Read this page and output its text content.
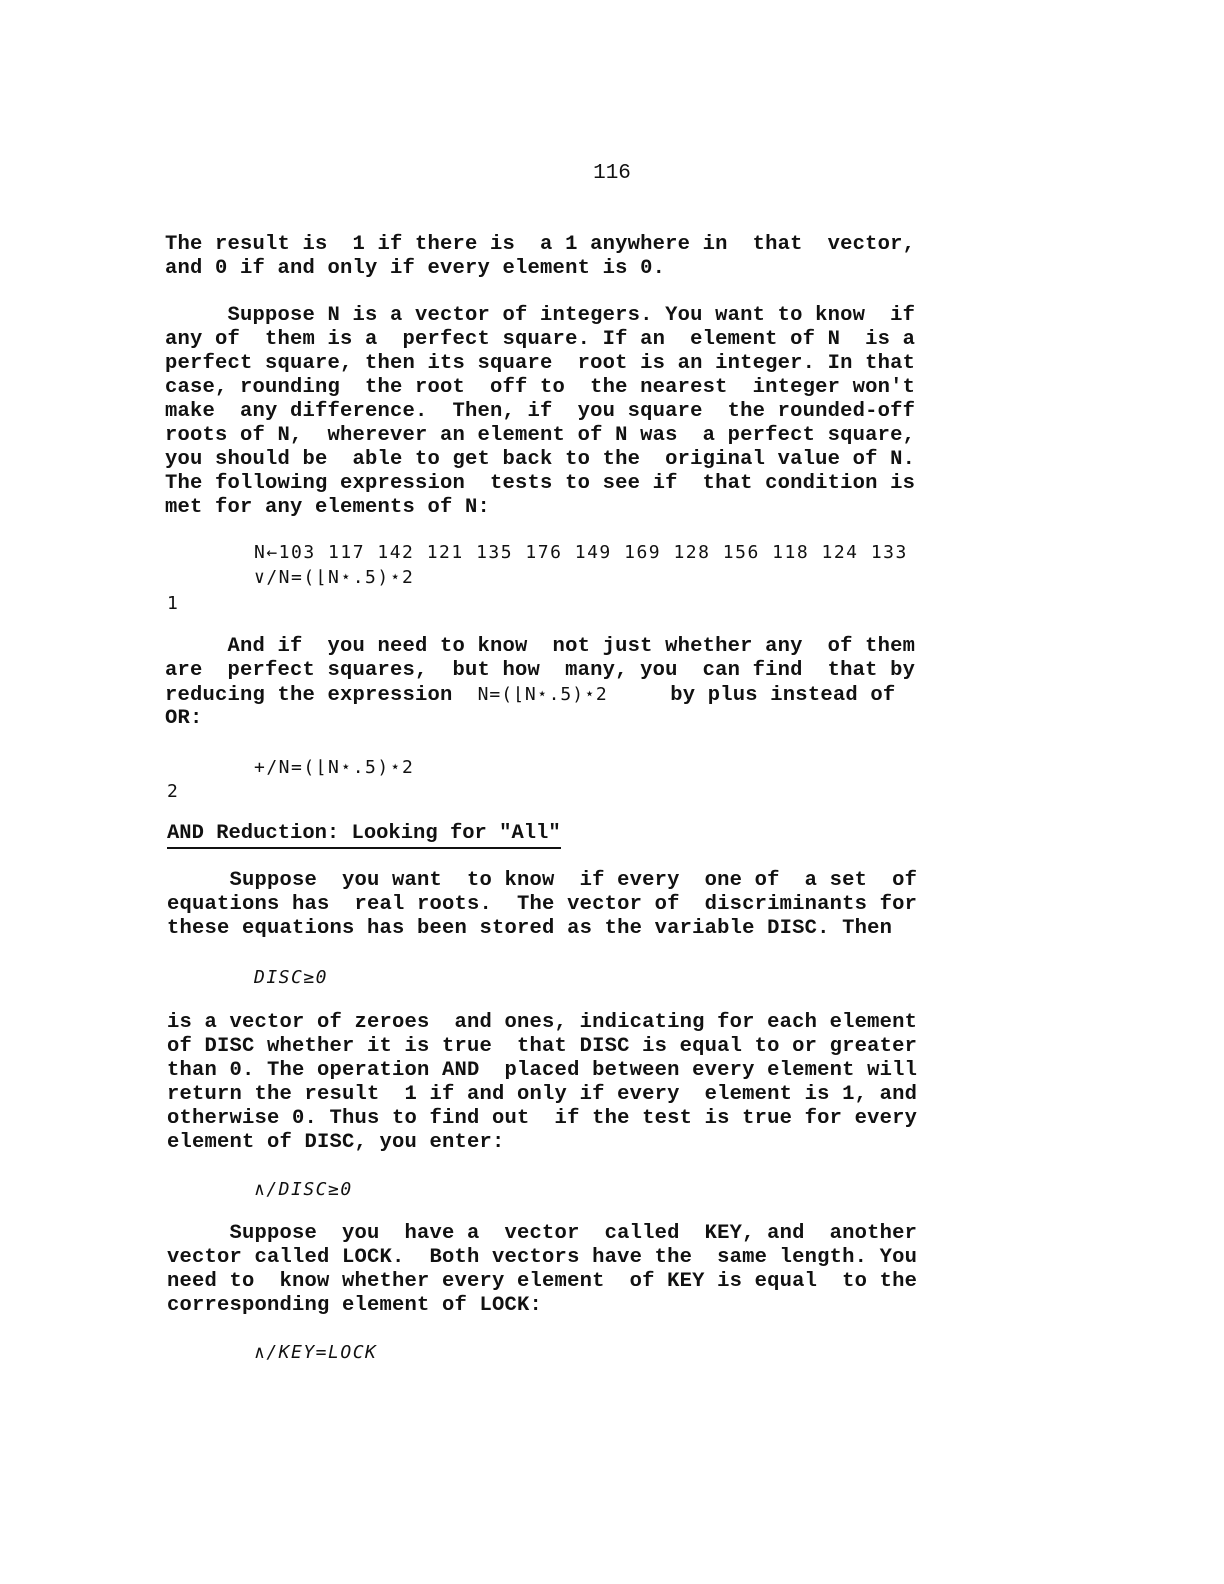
116
The result is  1 if there is  a 1 anywhere in  that  vector,
and 0 if and only if every element is 0.
Suppose N is a vector of integers. You want to know  if
any of  them is a  perfect square. If an  element of N  is a
perfect square, then its square  root is an integer. In that
case, rounding  the root  off to  the nearest  integer won't
make  any difference.  Then, if  you square  the rounded-off
roots of N,  wherever an element of N was  a perfect square,
you should be  able to get back to the  original value of N.
The following expression  tests to see if  that condition is
met for any elements of N:
N←103 117 142 121 135 176 149 169 128 156 118 124 133
∨/N=(⌊N⋆.5)⋆2
1
And if  you need to know  not just whether any  of them
are  perfect squares,  but how  many, you  can find  that by
reducing the expression  N=(⌊N⋆.5)⋆2     by plus instead of
OR:
+/N=(⌊N⋆.5)⋆2
2
AND Reduction: Looking for "All"
Suppose  you want  to know  if every  one of  a set  of
equations has  real roots.  The vector of  discriminants for
these equations has been stored as the variable DISC. Then
DISC≥0
is a vector of zeroes  and ones, indicating for each element
of DISC whether it is true  that DISC is equal to or greater
than 0. The operation AND  placed between every element will
return the result  1 if and only if every  element is 1, and
otherwise 0. Thus to find out  if the test is true for every
element of DISC, you enter:
∧/DISC≥0
Suppose  you  have a  vector  called  KEY, and  another
vector called LOCK.  Both vectors have the  same length. You
need to  know whether every element  of KEY is equal  to the
corresponding element of LOCK:
∧/KEY=LOCK
